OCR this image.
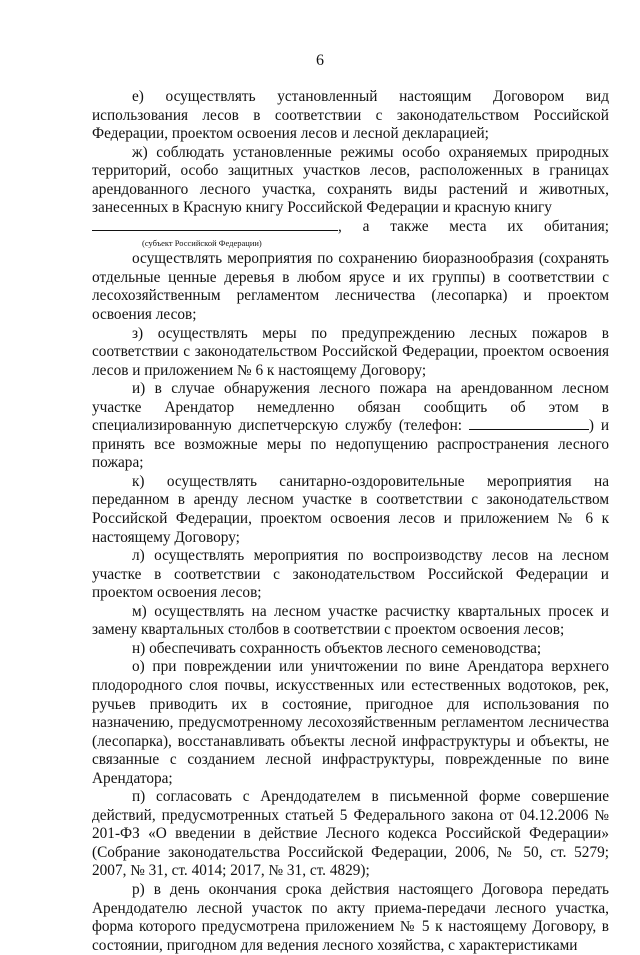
6

е) осуществлять установленный настоящим Договором вид использования лесов в соответствии с законодательством Российской Федерации, проектом освоения лесов и лесной декларацией;

ж) соблюдать установленные режимы особо охраняемых природных территорий, особо защитных участков лесов, расположенных в границах арендованного лесного участка, сохранять виды растений и животных, занесенных в Красную книгу Российской Федерации и красную книгу

, а также места их обитания;

(субъект Российской Федерации)

осуществлять мероприятия по сохранению биоразнообразия (сохранять отдельные ценные деревья в любом ярусе и их группы) в соответствии с лесохозяйственным регламентом лесничества (лесопарка) и проектом освоения лесов;

з) осуществлять меры по предупреждению лесных пожаров в соответствии с законодательством Российской Федерации, проектом освоения лесов и приложением № 6 к настоящему Договору;

и) в случае обнаружения лесного пожара на арендованном лесном участке Арендатор немедленно обязан сообщить об этом в специализированную диспетчерскую службу (телефон:	) и принять все возможные меры по недопущению распространения лесного пожара;

к) осуществлять санитарно-оздоровительные мероприятия на переданном в аренду лесном участке в соответствии с законодательством Российской Федерации, проектом освоения лесов и приложением № 6 к настоящему Договору;

л) осуществлять мероприятия по воспроизводству лесов на лесном участке в соответствии с законодательством Российской Федерации и проектом освоения лесов;

м) осуществлять на лесном участке расчистку квартальных просек и замену квартальных столбов в соответствии с проектом освоения лесов;

н) обеспечивать сохранность объектов лесного семеноводства;

о) при повреждении или уничтожении по вине Арендатора верхнего плодородного слоя почвы, искусственных или естественных водотоков, рек, ручьев приводить их в состояние, пригодное для использования по назначению, предусмотренному лесохозяйственным регламентом лесничества (лесопарка), восстанавливать объекты лесной инфраструктуры и объекты, не связанные с созданием лесной инфраструктуры, поврежденные по вине Арендатора;

п) согласовать с Арендодателем в письменной форме совершение действий, предусмотренных статьей 5 Федерального закона от 04.12.2006 № 201-ФЗ «О введении в действие Лесного кодекса Российской Федерации» (Собрание законодательства Российской Федерации, 2006, № 50, ст. 5279; 2007, № 31, ст. 4014; 2017, № 31, ст. 4829);

р) в день окончания срока действия настоящего Договора передать Арендодателю лесной участок по акту приема-передачи лесного участка, форма которого предусмотрена приложением № 5 к настоящему Договору, в состоянии, пригодном для ведения лесного хозяйства, с характеристиками
